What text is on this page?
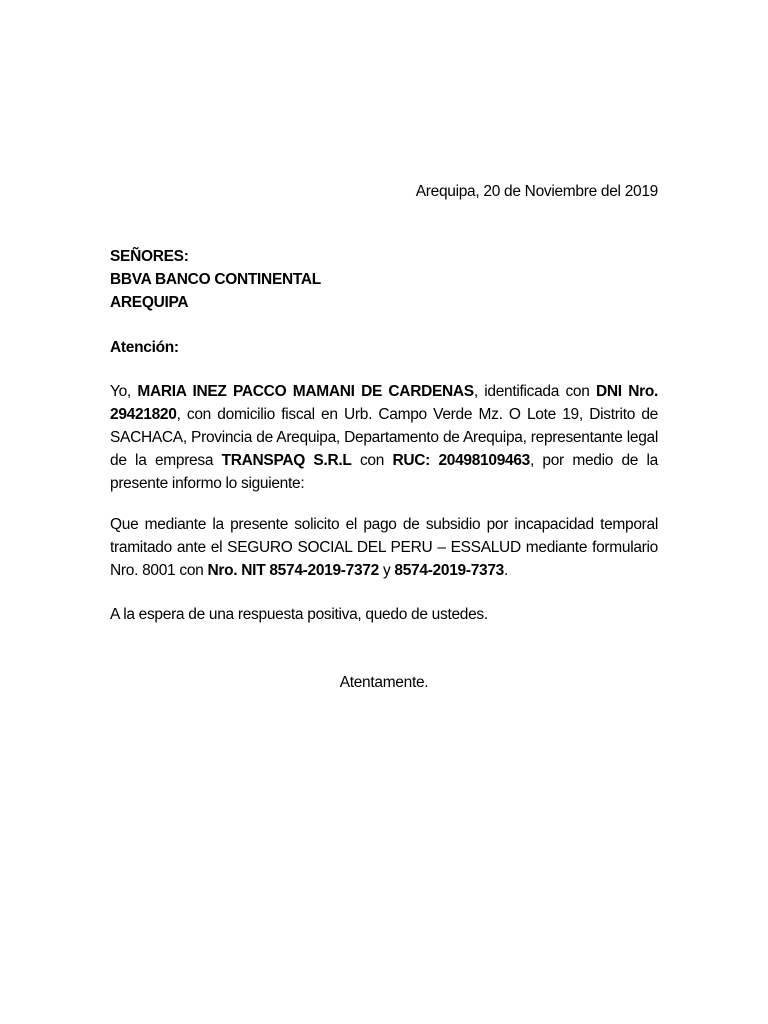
Arequipa, 20 de Noviembre del 2019
SEÑORES:
BBVA BANCO CONTINENTAL
AREQUIPA
Atención:
Yo, MARIA INEZ PACCO MAMANI DE CARDENAS, identificada con DNI Nro. 29421820, con domicilio fiscal en Urb. Campo Verde Mz. O Lote 19, Distrito de SACHACA, Provincia de Arequipa, Departamento de Arequipa, representante legal de la empresa TRANSPAQ S.R.L con RUC: 20498109463, por medio de la presente informo lo siguiente:
Que mediante la presente solicito el pago de subsidio por incapacidad temporal tramitado ante el SEGURO SOCIAL DEL PERU – ESSALUD mediante formulario Nro. 8001 con Nro. NIT 8574-2019-7372 y 8574-2019-7373.
A la espera de una respuesta positiva, quedo de ustedes.
Atentamente.
